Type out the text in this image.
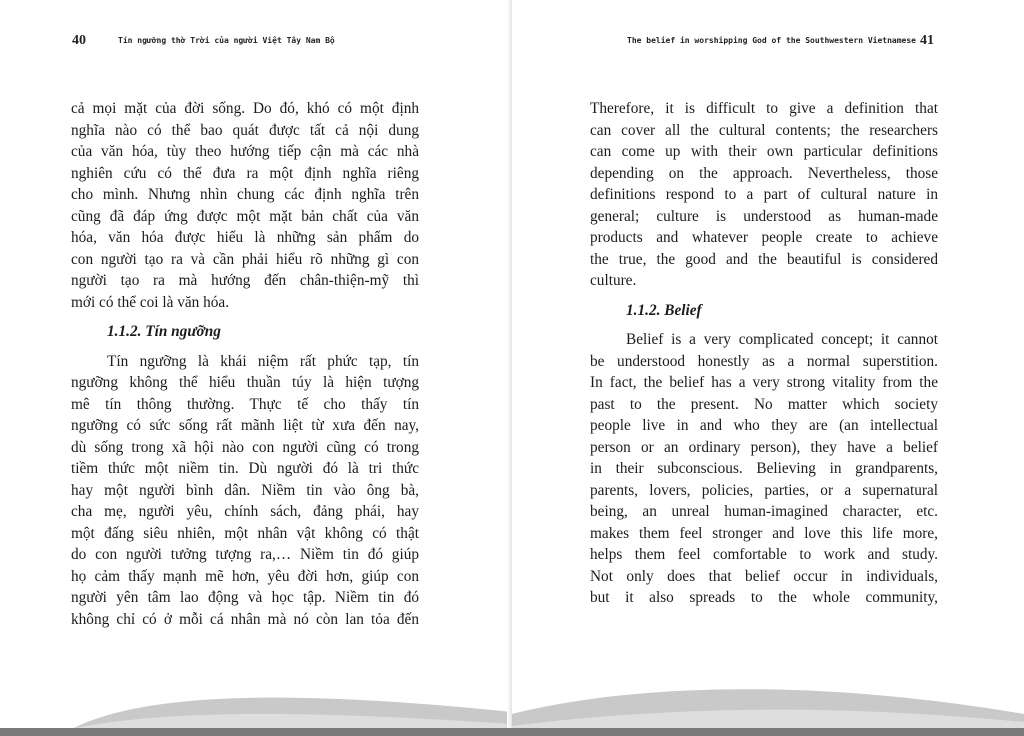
40	Tín ngưỡng thờ Trời của người Việt Tây Nam Bộ
cả mọi mặt của đời sống. Do đó, khó có một định
nghĩa nào có thể bao quát được tất cả nội dung
của văn hóa, tùy theo hướng tiếp cận mà các nhà
nghiên cứu có thể đưa ra một định nghĩa riêng
cho mình. Nhưng nhìn chung các định nghĩa trên
cũng đã đáp ứng được một mặt bản chất của văn
hóa, văn hóa được hiểu là những sản phẩm do
con người tạo ra và cần phải hiểu rõ những gì con
người tạo ra mà hướng đến chân-thiện-mỹ thì
mới có thể coi là văn hóa.

1.1.2. Tín ngưỡng

Tín ngưỡng là khái niệm rất phức tạp, tín
ngưỡng không thể hiểu thuần túy là hiện tượng
mê tín thông thường. Thực tế cho thấy tín
ngưỡng có sức sống rất mãnh liệt từ xưa đến nay,
dù sống trong xã hội nào con người cũng có trong
tiềm thức một niềm tin. Dù người đó là tri thức
hay một người bình dân. Niềm tin vào ông bà,
cha mẹ, người yêu, chính sách, đảng phái, hay
một đấng siêu nhiên, một nhân vật không có thật
do con người tưởng tượng ra,… Niềm tin đó giúp
họ cảm thấy mạnh mẽ hơn, yêu đời hơn, giúp con
người yên tâm lao động và học tập. Niềm tin đó
không chỉ có ở mỗi cá nhân mà nó còn lan tỏa đến
The belief in worshipping God of the Southwestern Vietnamese 41
Therefore, it is difficult to give a definition that
can cover all the cultural contents; the researchers
can come up with their own particular definitions
depending on the approach. Nevertheless, those
definitions respond to a part of cultural nature in
general; culture is understood as human-made
products and whatever people create to achieve
the true, the good and the beautiful is considered
culture.

1.1.2. Belief

Belief is a very complicated concept; it cannot
be understood honestly as a normal superstition.
In fact, the belief has a very strong vitality from the
past to the present. No matter which society
people live in and who they are (an intellectual
person or an ordinary person), they have a belief
in their subconscious. Believing in grandparents,
parents, lovers, policies, parties, or a supernatural
being, an unreal human-imagined character, etc.
makes them feel stronger and love this life more,
helps them feel comfortable to work and study.
Not only does that belief occur in individuals,
but it also spreads to the whole community,
